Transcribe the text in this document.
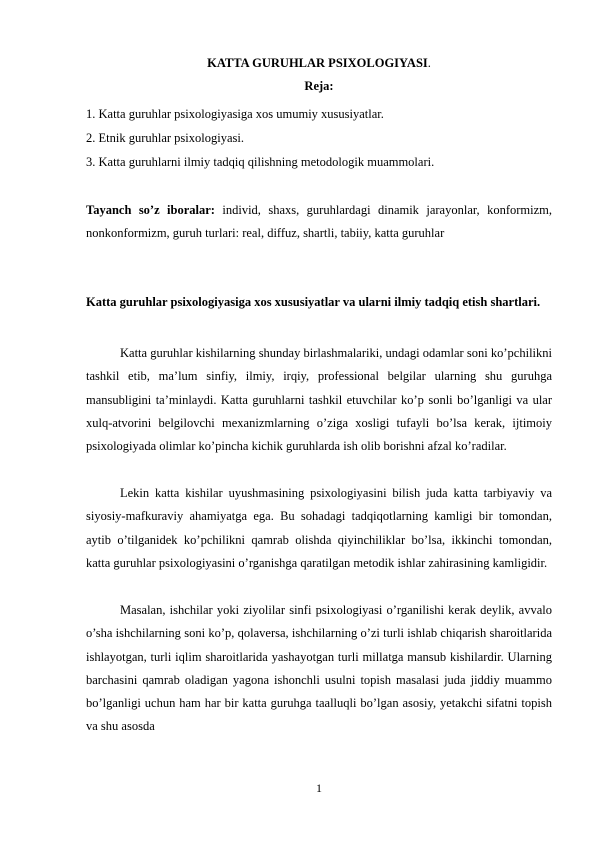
KATTA GURUHLAR PSIXOLOGIYASI.
Reja:
1. Katta guruhlar psixologiyasiga xos umumiy xususiyatlar.
2. Etnik guruhlar psixologiyasi.
3. Katta guruhlarni ilmiy tadqiq qilishning metodologik muammolari.
Tayanch so’z iboralar: individ, shaxs, guruhlardagi dinamik jarayonlar, konformizm, nonkonformizm, guruh turlari: real, diffuz, shartli, tabiiy, katta guruhlar
Katta guruhlar psixologiyasiga xos xususiyatlar va ularni ilmiy tadqiq etish shartlari.
Katta guruhlar kishilarning shunday birlashmalariki, undagi odamlar soni ko’pchilikni tashkil etib, ma’lum sinfiy, ilmiy, irqiy, professional belgilar ularning shu guruhga mansubligini ta’minlaydi. Katta guruhlarni tashkil etuvchilar ko’p sonli bo’lganligi va ular xulq-atvorini belgilovchi mexanizmlarning o’ziga xosligi tufayli bo’lsa kerak, ijtimoiy psixologiyada olimlar ko’pincha kichik guruhlarda ish olib borishni afzal ko’radilar.
Lekin katta kishilar uyushmasining psixologiyasini bilish juda katta tarbiyaviy va siyosiy-mafkuraviy ahamiyatga ega. Bu sohadagi tadqiqotlarning kamligi bir tomondan, aytib o’tilganidek ko’pchilikni qamrab olishda qiyinchiliklar bo’lsa, ikkinchi tomondan, katta guruhlar psixologiyasini o’rganishga qaratilgan metodik ishlar zahirasining kamligidir.
Masalan, ishchilar yoki ziyolilar sinfi psixologiyasi o’rganilishi kerak deylik, avvalo o’sha ishchilarning soni ko’p, qolaversa, ishchilarning o’zi turli ishlab chiqarish sharoitlarida ishlayotgan, turli iqlim sharoitlarida yashayotgan turli millatga mansub kishilardir. Ularning barchasini qamrab oladigan yagona ishonchli usulni topish masalasi juda jiddiy muammo bo’lganligi uchun ham har bir katta guruhga taalluqli bo’lgan asosiy, yetakchi sifatni topish va shu asosda
1
